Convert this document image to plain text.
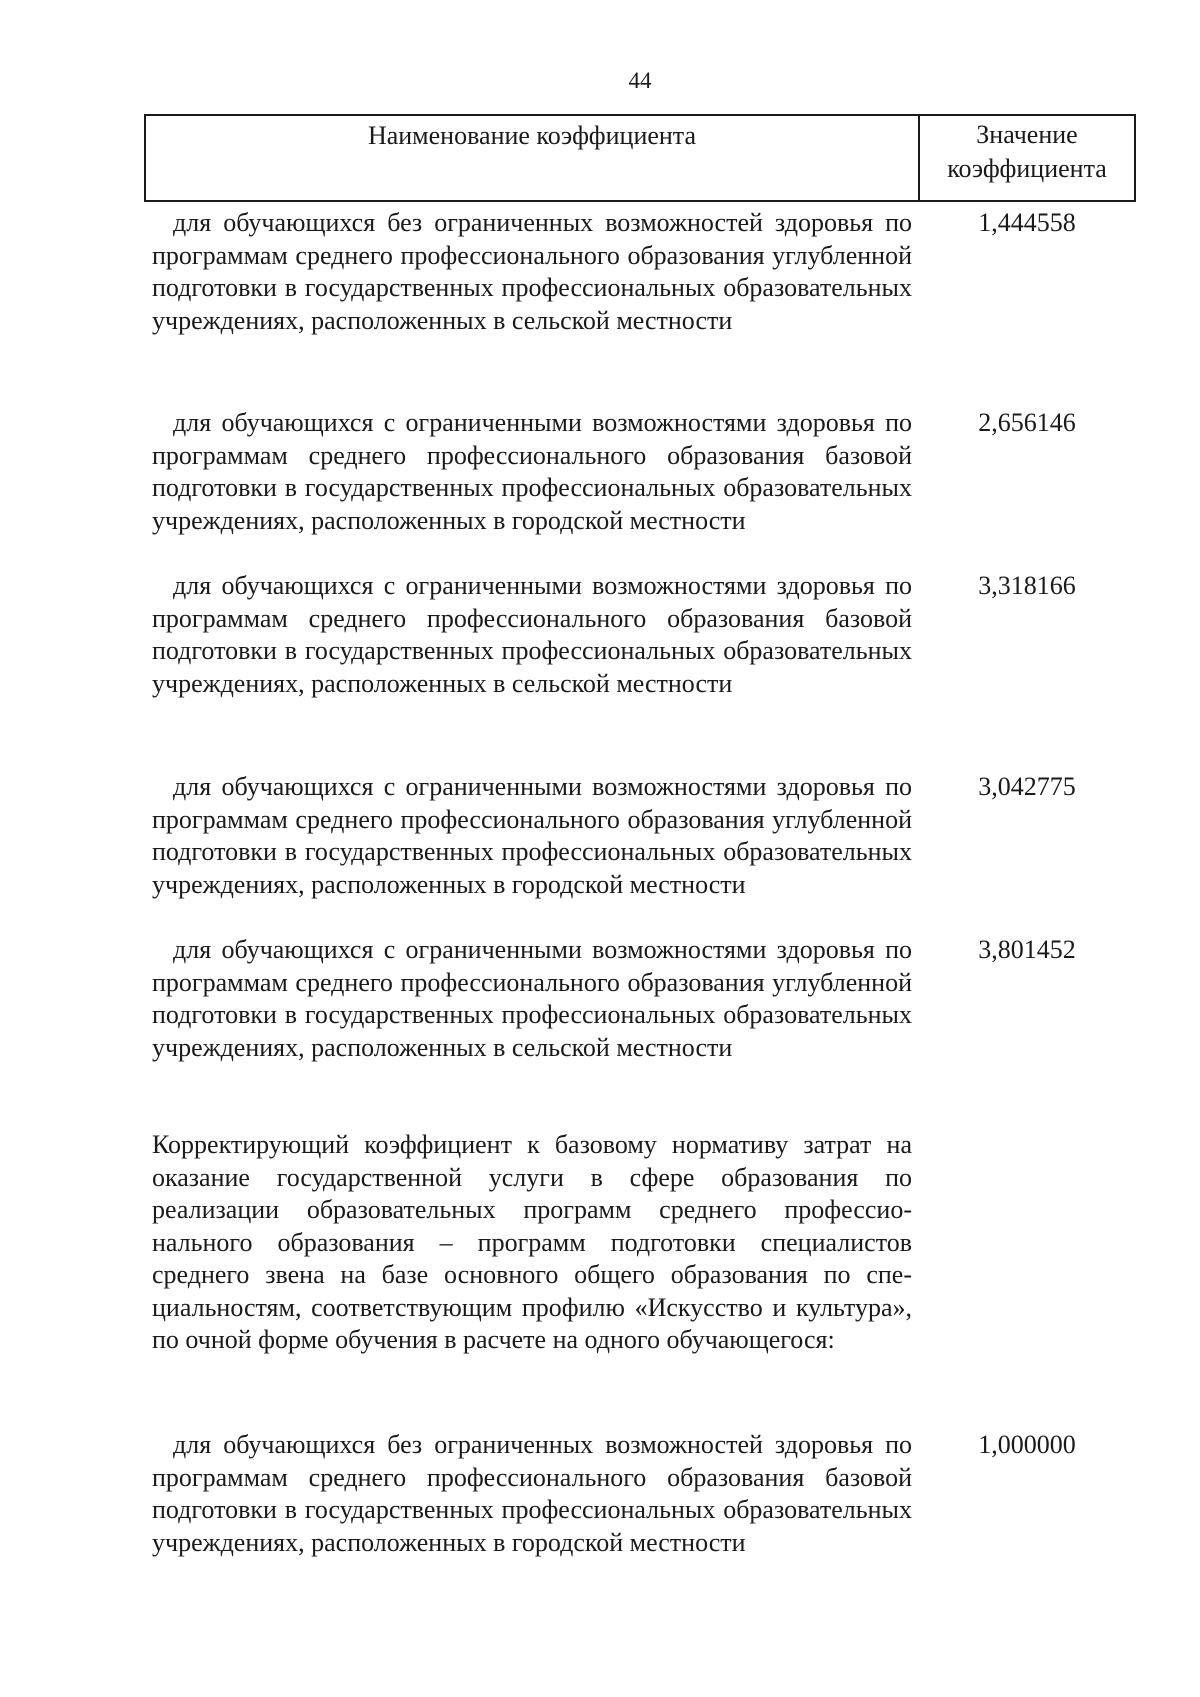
44
Наименование коэффициента	Значение
коэффициента
для обучающихся без ограниченных возможностей здоровья по программам среднего профессионального образования углубленной подготовки в государственных профессиональных образовательных учреждениях, расположенных в сельской местности
1,444558
для обучающихся с ограниченными возможностями здоровья по программам среднего профессионального образования базовой подготовки в государственных профессиональных образовательных учреждениях, расположенных в городской местности
2,656146
для обучающихся с ограниченными возможностями здоровья по программам среднего профессионального образования базовой подготовки в государственных профессиональных образовательных учреждениях, расположенных в сельской местности
3,318166
для обучающихся с ограниченными возможностями здоровья по программам среднего профессионального образования углубленной подготовки в государственных профессиональных образовательных учреждениях, расположенных в городской местности
3,042775
для обучающихся с ограниченными возможностями здоровья по программам среднего профессионального образования углубленной подготовки в государственных профессиональных образовательных учреждениях, расположенных в сельской местности
3,801452
Корректирующий коэффициент к базовому нормативу затрат на оказание государственной услуги в сфере образования по реализации образовательных программ среднего профессионального образования – программ подготовки специалистов среднего звена на базе основного общего образования по специальностям, соответствующим профилю «Искусство и культура», по очной форме обучения в расчете на одного обучающегося:
для обучающихся без ограниченных возможностей здоровья по программам среднего профессионального образования базовой подготовки в государственных профессиональных образовательных учреждениях, расположенных в городской местности
1,000000
